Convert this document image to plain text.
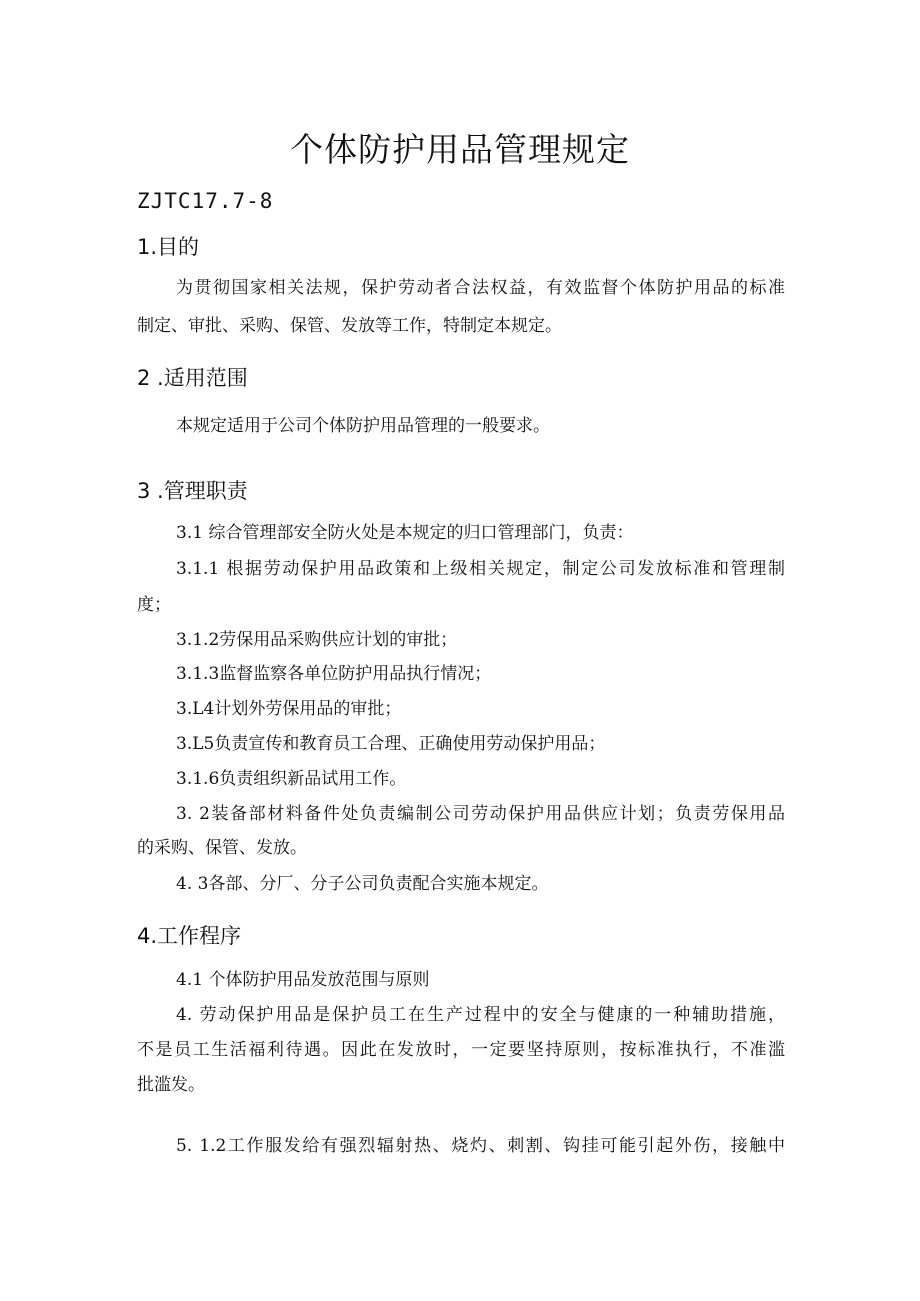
个体防护用品管理规定
ZJTC17.7-8
1.目的
为贯彻国家相关法规，保护劳动者合法权益，有效监督个体防护用品的标准
制定、审批、采购、保管、发放等工作，特制定本规定。
2 .适用范围
本规定适用于公司个体防护用品管理的一般要求。
3 .管理职责
3.1 综合管理部安全防火处是本规定的归口管理部门，负责：
3.1.1 根据劳动保护用品政策和上级相关规定，制定公司发放标准和管理制
度；
3.1.2劳保用品采购供应计划的审批；
3.1.3监督监察各单位防护用品执行情况；
3.L4计划外劳保用品的审批；
3.L5负责宣传和教育员工合理、正确使用劳动保护用品；
3.1.6负责组织新品试用工作。
3. 2装备部材料备件处负责编制公司劳动保护用品供应计划；负责劳保用品
的采购、保管、发放。
4. 3各部、分厂、分子公司负责配合实施本规定。
4.工作程序
4.1 个体防护用品发放范围与原则
4. 劳动保护用品是保护员工在生产过程中的安全与健康的一种辅助措施，
不是员工生活福利待遇。因此在发放时，一定要坚持原则，按标准执行，不准滥
批滥发。
5. 1.2工作服发给有强烈辐射热、烧灼、刺割、钩挂可能引起外伤，接触中
